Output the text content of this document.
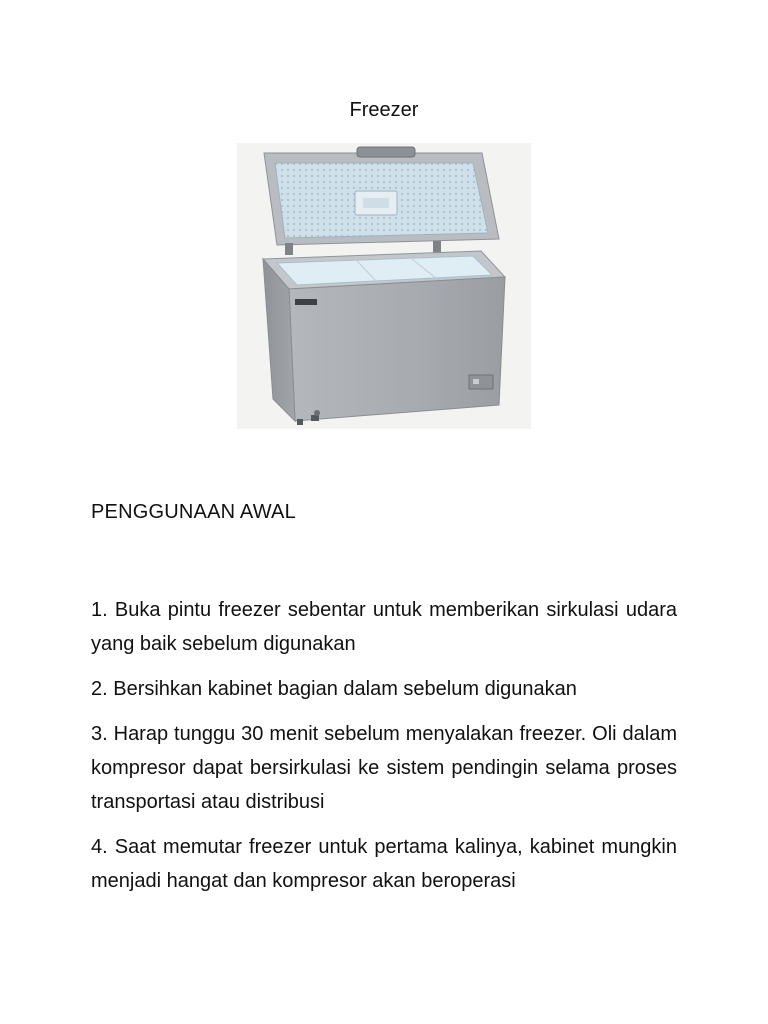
Freezer
PENGGUNAAN AWAL

1. Buka pintu freezer sebentar untuk memberikan sirkulasi udara yang baik sebelum digunakan

2. Bersihkan kabinet bagian dalam sebelum digunakan

3. Harap tunggu 30 menit sebelum menyalakan freezer. Oli dalam kompresor dapat bersirkulasi ke sistem pendingin selama proses transportasi atau distribusi

4. Saat memutar freezer untuk pertama kalinya, kabinet mungkin menjadi hangat dan kompresor akan beroperasi
